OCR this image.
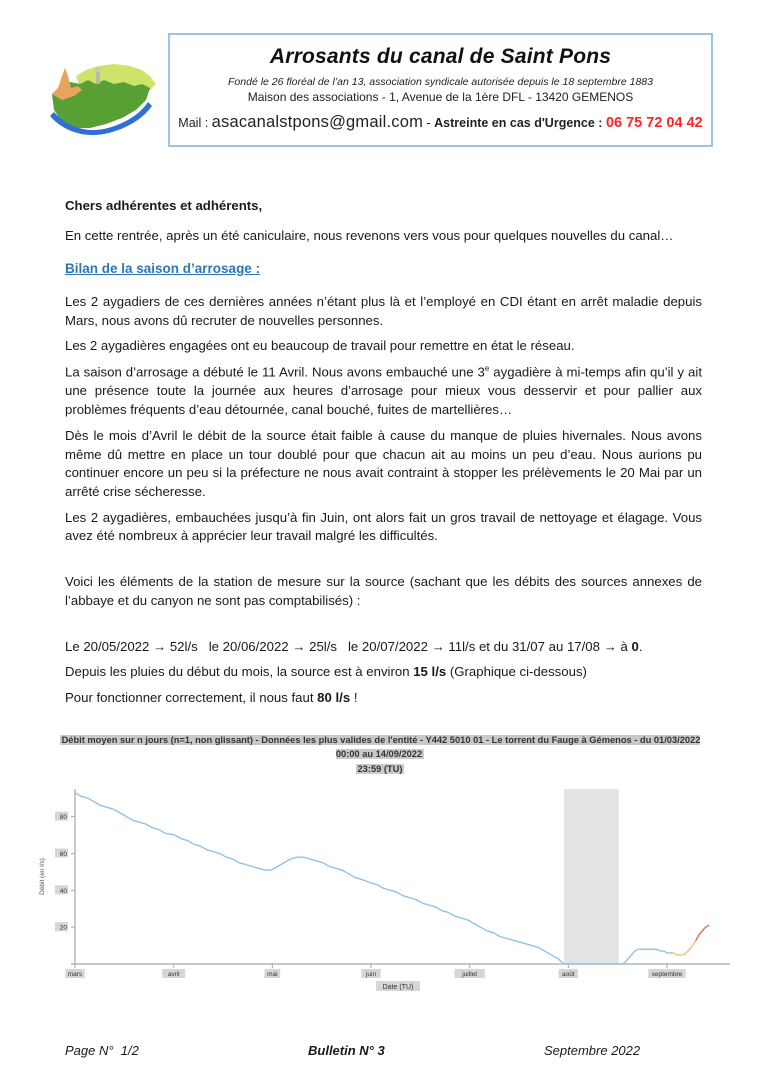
Arrosants du canal de Saint Pons
Fondé le 26 floréal de l’an 13, association syndicale autorisée depuis le 18 septembre 1883
Maison des associations - 1, Avenue de la 1ère DFL - 13420 GEMENOS
Mail : asacanalstpons@gmail.com - Astreinte en cas d'Urgence : 06 75 72 04 42
Chers adhérentes et adhérents,
En cette rentrée, après un été caniculaire, nous revenons vers vous pour quelques nouvelles du canal…
Bilan de la saison d’arrosage :

Les 2 aygadiers de ces dernières années n’étant plus là et l’employé en CDI étant en arrêt maladie depuis Mars, nous avons dû recruter de nouvelles personnes.

Les 2 aygadières engagées ont eu beaucoup de travail pour remettre en état le réseau.

La saison d’arrosage a débuté le 11 Avril. Nous avons embauché une 3e aygadière à mi-temps afin qu’il y ait une présence toute la journée aux heures d’arrosage pour mieux vous desservir et pour pallier aux problèmes fréquents d’eau détournée, canal bouché, fuites de martellières…

Dès le mois d’Avril le débit de la source était faible à cause du manque de pluies hivernales. Nous avons même dû mettre en place un tour doublé pour que chacun ait au moins un peu d’eau. Nous aurions pu continuer encore un peu si la préfecture ne nous avait contraint à stopper les prélèvements le 20 Mai par un arrêté crise sécheresse.

Les 2 aygadières, embauchées jusqu’à fin Juin, ont alors fait un gros travail de nettoyage et élagage. Vous avez été nombreux à apprécier leur travail malgré les difficultés.

Voici les éléments de la station de mesure sur la source (sachant que les débits des sources annexes de l’abbaye et du canyon ne sont pas comptabilisés) :

Le 20/05/2022 → 52l/s   le 20/06/2022 → 25l/s   le 20/07/2022 → 11l/s et du 31/07 au 17/08 → à 0.

Depuis les pluies du début du mois, la source est à environ 15 l/s (Graphique ci-dessous)

Pour fonctionner correctement, il nous faut 80 l/s !

Débit moyen sur n jours (n=1, non glissant) - Données les plus valides de l'entité - Y442 5010 01 - Le torrent du Fauge à Gémenos - du 01/03/2022 00:00 au 14/09/2022
23:59 (TU)
20
40
60
80
mars	avril	mai	juin	juillet	août	septembre
Date (TU)
Débit (en l/s)
Page N°  1/2	Bulletin N° 3	Septembre 2022
